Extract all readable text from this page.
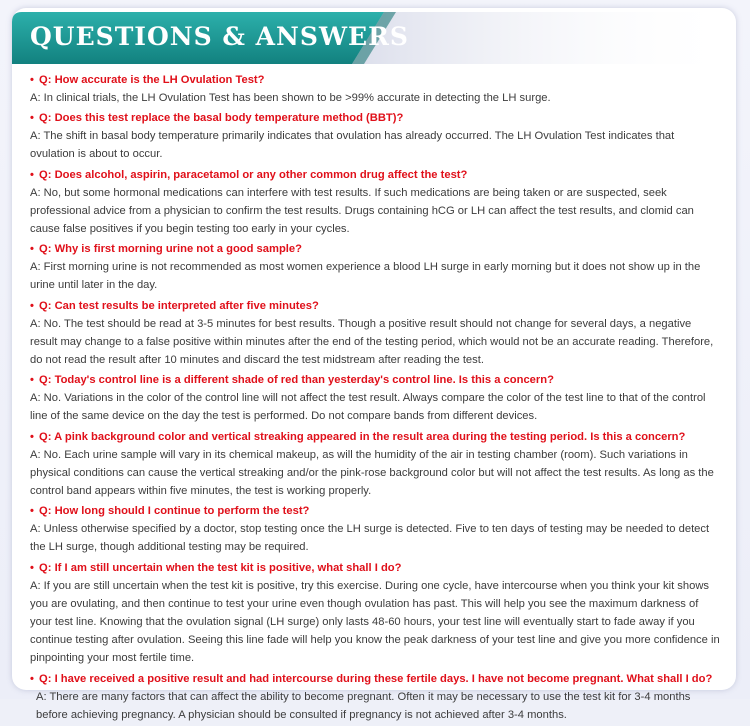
QUESTIONS & ANSWERS

• Q: How accurate is the LH Ovulation Test?

A: In clinical trials, the LH Ovulation Test has been shown to be >99% accurate in detecting the LH surge.

• Q: Does this test replace the basal body temperature method (BBT)?

A: The shift in basal body temperature primarily indicates that ovulation has already occurred. The LH Ovulation Test indicates that ovulation is about to occur.

• Q: Does alcohol, aspirin, paracetamol or any other common drug affect the test?

A: No, but some hormonal medications can interfere with test results. If such medications are being taken or are suspected, seek professional advice from a physician to confirm the test results. Drugs containing hCG or LH can affect the test results, and clomid can cause false positives if you begin testing too early in your cycles.

• Q: Why is first morning urine not a good sample?

A: First morning urine is not recommended as most women experience a blood LH surge in early morning but it does not show up in the urine until later in the day.

• Q: Can test results be interpreted after five minutes?

A: No. The test should be read at 3-5 minutes for best results. Though a positive result should not change for several days, a negative result may change to a false positive within minutes after the end of the testing period, which would not be an accurate reading. Therefore, do not read the result after 10 minutes and discard the test midstream after reading the test.

• Q: Today's control line is a different shade of red than yesterday's control line. Is this a concern?

A: No. Variations in the color of the control line will not affect the test result. Always compare the color of the test line to that of the control line of the same device on the day the test is performed. Do not compare bands from different devices.

• Q: A pink background color and vertical streaking appeared in the result area during the testing period. Is this a concern?

A: No. Each urine sample will vary in its chemical makeup, as will the humidity of the air in testing chamber (room). Such variations in physical conditions can cause the vertical streaking and/or the pink-rose background color but will not affect the test results. As long as the control band appears within five minutes, the test is working properly.

• Q: How long should I continue to perform the test?

A: Unless otherwise specified by a doctor, stop testing once the LH surge is detected. Five to ten days of testing may be needed to detect the LH surge, though additional testing may be required.

• Q: If I am still uncertain when the test kit is positive, what shall I do?

A: If you are still uncertain when the test kit is positive, try this exercise. During one cycle, have intercourse when you think your kit shows you are ovulating, and then continue to test your urine even though ovulation has past. This will help you see the maximum darkness of your test line. Knowing that the ovulation signal (LH surge) only lasts 48-60 hours, your test line will eventually start to fade away if you continue testing after ovulation. Seeing this line fade will help you know the peak darkness of your test line and give you more confidence in pinpointing your most fertile time.

• Q: I have received a positive result and had intercourse during these fertile days. I have not become pregnant. What shall I do?

A: There are many factors that can affect the ability to become pregnant. Often it may be necessary to use the test kit for 3-4 months before achieving pregnancy. A physician should be consulted if pregnancy is not achieved after 3-4 months.
